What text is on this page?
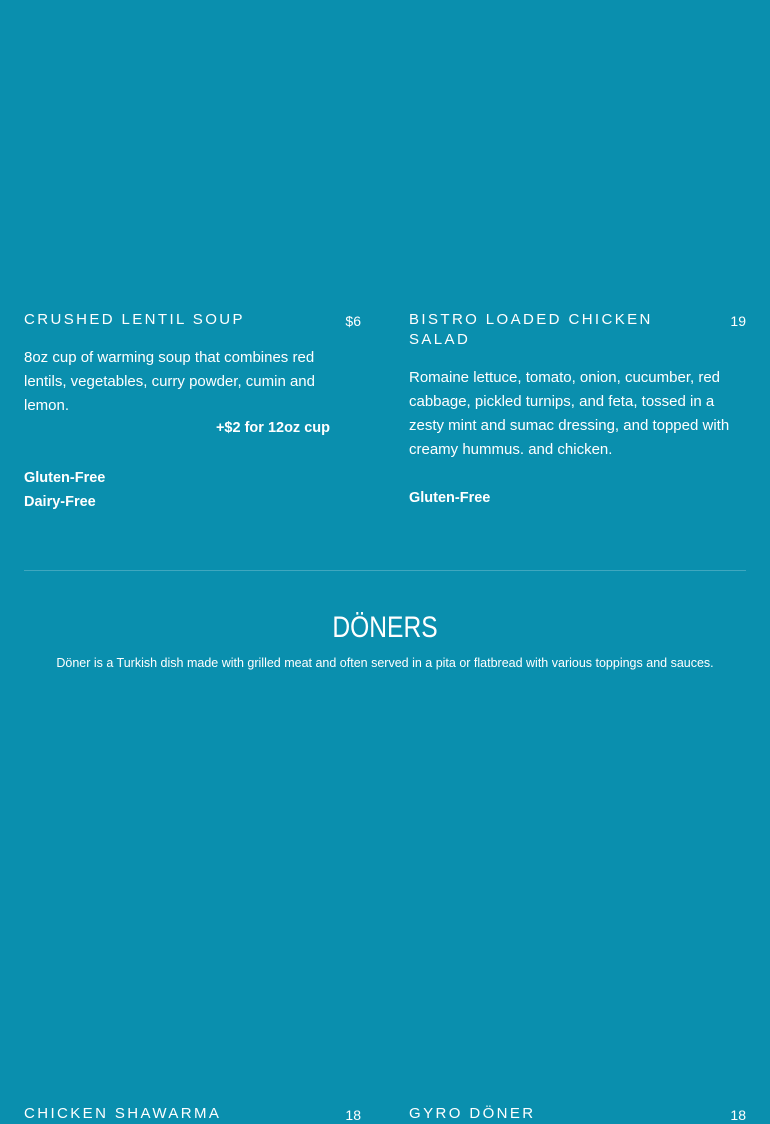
CRUSHED LENTIL SOUP	$6
8oz cup of warming soup that combines red lentils, vegetables, curry powder, cumin and lemon.
+$2 for 12oz cup
Gluten-Free
Dairy-Free
BISTRO LOADED CHICKEN SALAD
19
Romaine lettuce, tomato, onion, cucumber, red cabbage, pickled turnips, and feta, tossed in a zesty mint and sumac dressing, and topped with creamy hummus. and chicken.
Gluten-Free
DÖNERS
Döner is a Turkish dish made with grilled meat and often served in a pita or flatbread with various toppings and sauces.
CHICKEN SHAWARMA	18	GYRO DÖNER	18
